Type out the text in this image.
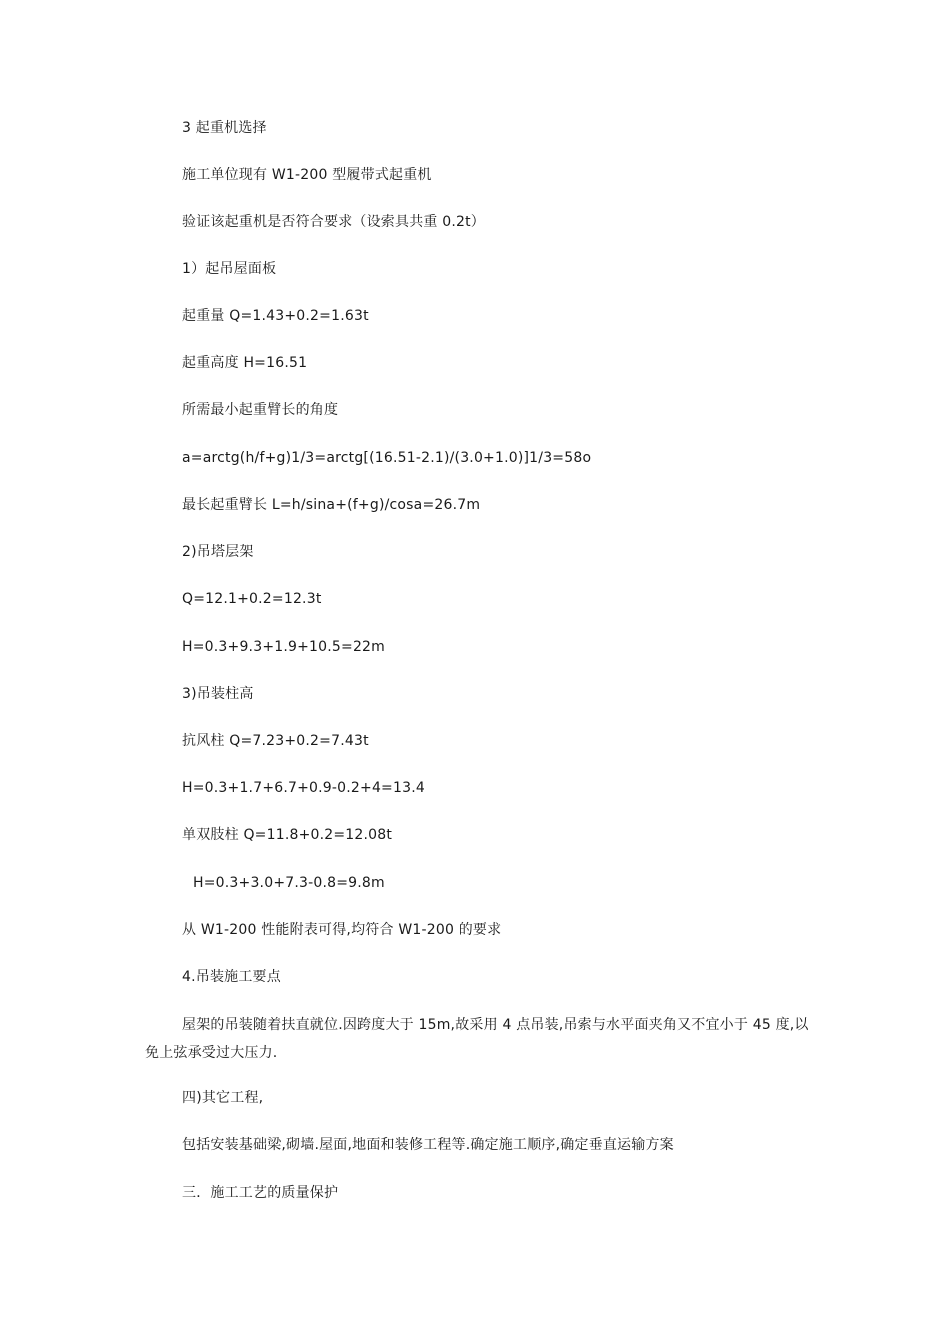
3 起重机选择
施工单位现有 W1-200 型履带式起重机
验证该起重机是否符合要求（设索具共重 0.2t）
1）起吊屋面板
起重量 Q=1.43+0.2=1.63t
起重高度 H=16.51
所需最小起重臂长的角度
a=arctg(h/f+g)1/3=arctg[(16.51-2.1)/(3.0+1.0)]1/3=58o
最长起重臂长 L=h/sina+(f+g)/cosa=26.7m
2)吊塔层架
Q=12.1+0.2=12.3t
H=0.3+9.3+1.9+10.5=22m
3)吊装柱高
抗风柱 Q=7.23+0.2=7.43t
H=0.3+1.7+6.7+0.9-0.2+4=13.4
单双肢柱 Q=11.8+0.2=12.08t
H=0.3+3.0+7.3-0.8=9.8m
从 W1-200 性能附表可得,均符合 W1-200 的要求
4.吊装施工要点
屋架的吊装随着扶直就位.因跨度大于 15m,故采用 4 点吊装,吊索与水平面夹角又不宜小于 45 度,以免上弦承受过大压力.
四)其它工程,
包括安装基础梁,砌墙.屋面,地面和装修工程等.确定施工顺序,确定垂直运输方案
三．施工工艺的质量保护
